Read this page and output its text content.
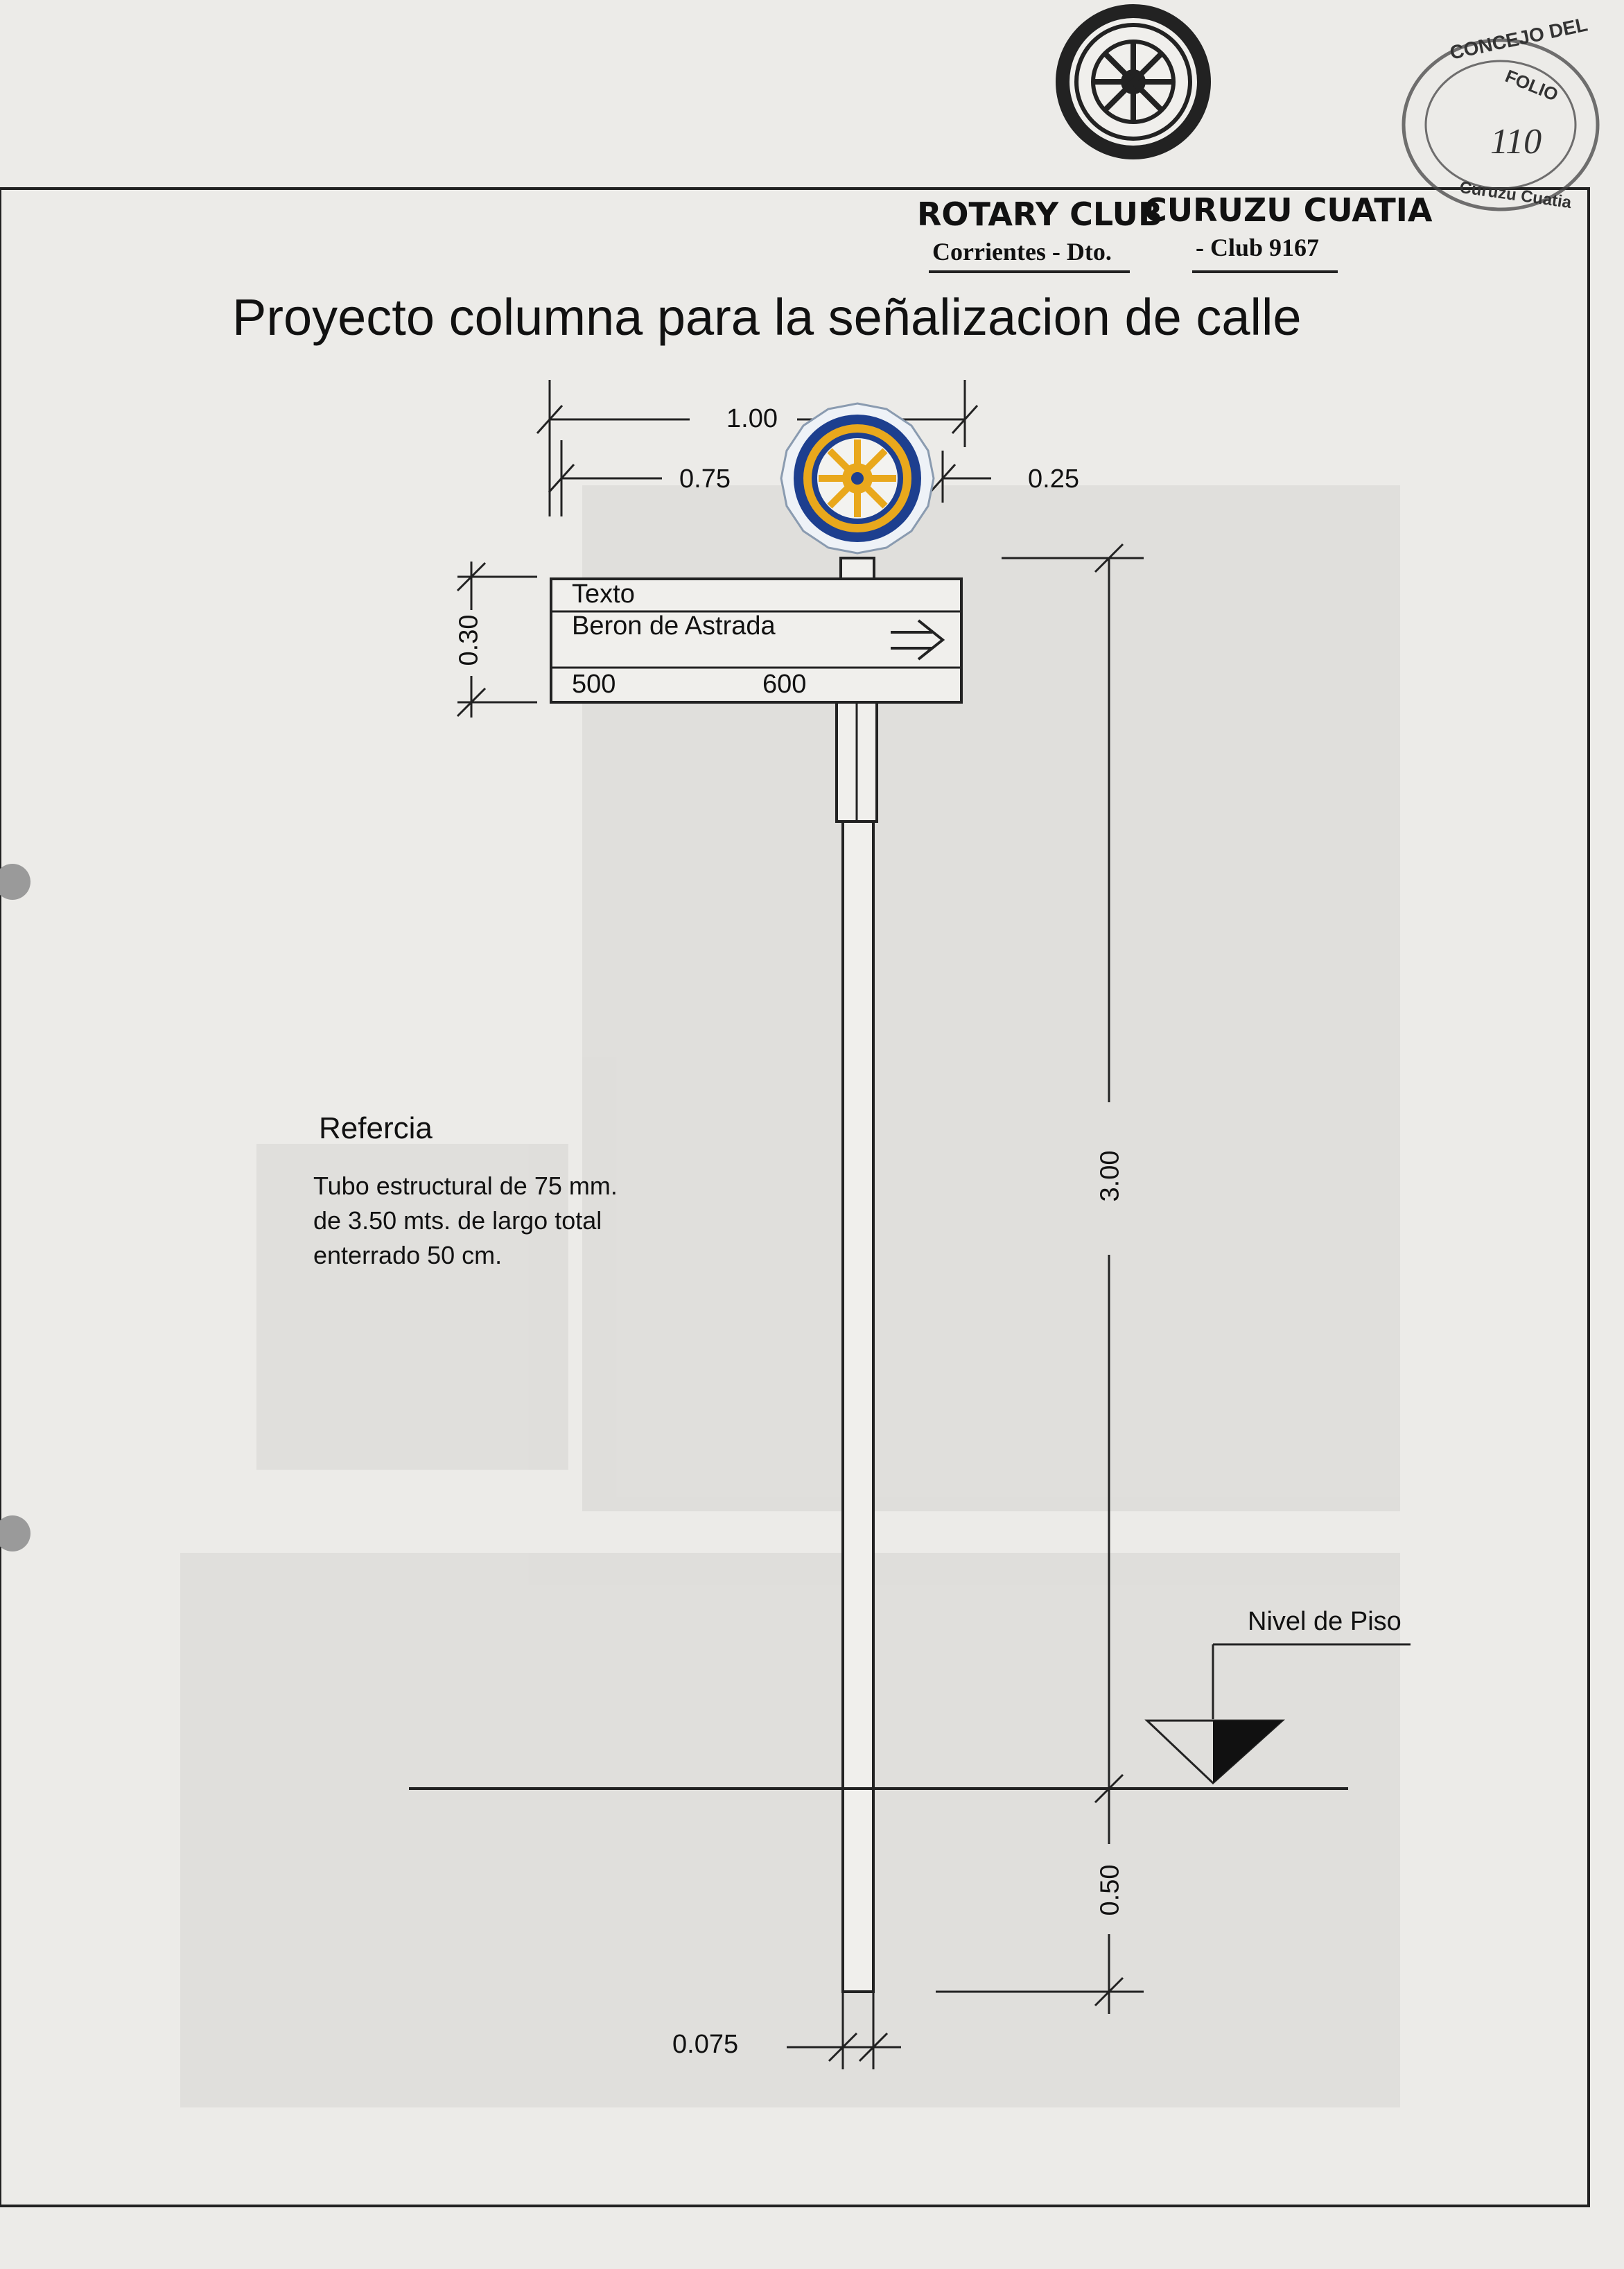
ROTARY CLUB
CURUZU CUATIA
Corrientes - Dto.	- Club 9167
CONCEJO DEL
FOLIO
110
Curuzu Cuatia
Proyecto columna para la señalizacion de calle
1.00
0.75	0.25
0.30
3.00
0.50
0.075
Texto
Beron de Astrada
500	600
Nivel de Piso
Refercia
Tubo estructural de 75 mm.
de 3.50 mts. de largo total
enterrado 50 cm.
